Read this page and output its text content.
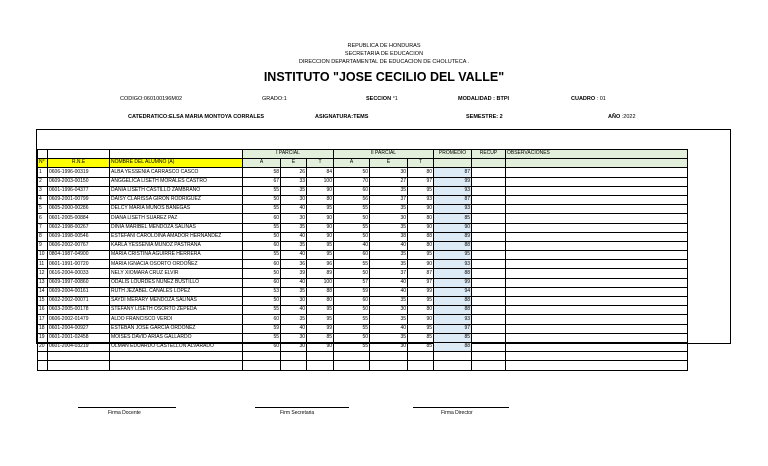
REPUBLICA DE HONDURAS
SECRETARIA DE EDUCACION
DIRECCION DEPARTAMENTAL DE EDUCACION DE CHOLUTECA .
INSTITUTO "JOSE CECILIO DEL VALLE"
CODIGO:060100196M02	GRADO:1	SECCION °1	MODALIDAD : BTPI	CUADRO : 01
CATEDRATICO:ELSA MARIA MONTOYA CORRALES	ASIGNATURA:TEMS	SEMESTRE: 2	AÑO :2022
			I PARCIAL			II PARCIAL			PROMEDIO	RECUP	OBSERVACIONES
N°	R.N.E	NOMBRE DEL ALUMNO (A)	A	E	T	A	E	T			
1	0606-1996-00319	ALBA YESSENIA CARRASCO CASCO	58	26	84	50	30	80	87		
2	0609-2003-00150	ANGGELICA LISETH MORALES CASTRO	67	33	100	70	27	97	99		
3	0601-1996-04377	DANIA LISETH CASTILLO ZAMBRANO	55	35	90	60	35	95	93		
4	0609-2001-00799	DAISY CLARISSA GIRON RODRIGUEZ	50	30	80	56	37	93	87		
5	0605-2000-00286	DELCY MARIA MUÑOS BANEGAS	55	40	95	55	35	90	93		
6	0601-2005-00884	DIANA LISETH SUAREZ PAZ	60	30	90	50	30	80	85		
7	0602-1998-00267	DINIA MARIBEL MENDOZA SALINAS	55	35	90	55	35	90	90		
8	0609-1998-00546	ESTEFANI CAROLOINA AMADOR HERNANDEZ	50	40	90	50	38	88	89		
9	0606-2002-00767	KARLA YESSENIA MUÑOZ PASTRANA	60	35	95	40	40	80	88		
10	0804-1987-04900	MARIA CRISTINA AGUIRRE HERRERA	55	40	95	60	35	95	95		
11	0601-1991-00720	MARIA IGNACIA OSORTO ORDOÑEZ	60	36	96	55	35	90	93		
12	0616-2004-00033	NELY XIOMARA CRUZ ELVIR	50	39	89	50	37	87	88		
13	0609-1997-00860	ODALIS LOURDES NUÑEZ BUSTILLO	60	40	100	57	40	97	99		
14	0609-2004-00161	RUTH JEZABEL CANALES LOPEZ	53	35	88	59	40	99	94		
15	0602-2002-00071	SAYDI MERARY MENDOZA SALINAS	50	30	80	60	35	95	88		
16	0603-2005-00178	STEFANY LISETH OSORTO ZEPEDA	55	40	95	50	30	80	88		
17	0606-2002-01479	ALDO FRANCISCO VERDI	60	35	95	55	35	90	93		
18	0601-2004-00927	ESTEBAN JOSE GARCIA ORDOÑEZ	59	40	99	55	40	95	97		
19	0601-2001-02458	MOISES DAVID ARIAS GALLARDO	55	30	85	50	35	85	85		
20	0601-2004-03219	OLMAN EDUARDO CASTELLON ALVARADO	60	30	90	55	30	85	88		

Firma Docente	Firm Secretaria	Firma Director
